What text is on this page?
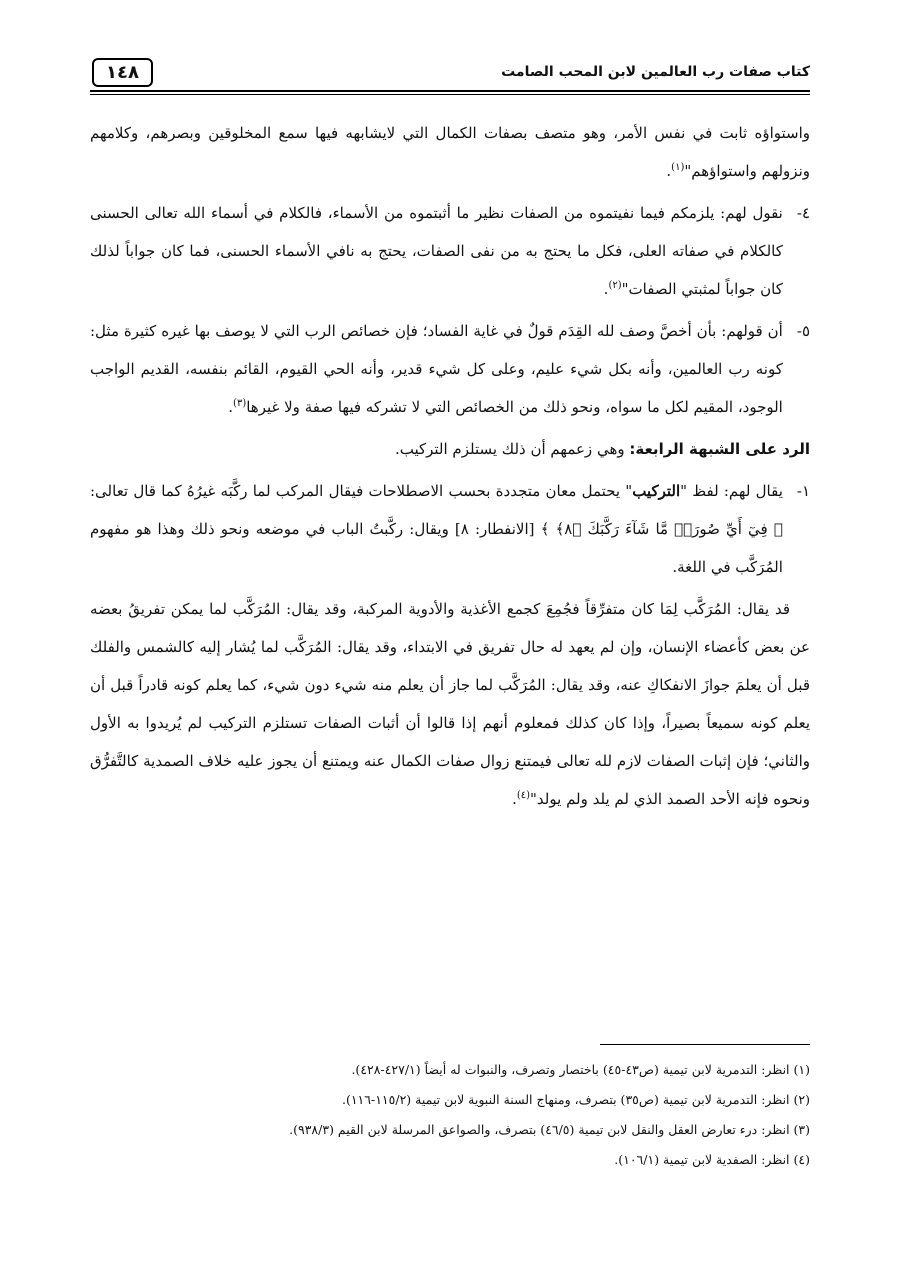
كتاب صفات رب العالمين لابن المحب الصامت
١٤٨

واستواؤه ثابت في نفس الأمر، وهو متصف بصفات الكمال التي لايشابهه فيها سمع المخلوقين وبصرهم، وكلامهم ونزولهم واستواؤهم"$^{(١)}$.

٤-
نقول لهم: يلزمكم فيما نفيتموه من الصفات نظير ما أثبتموه من الأسماء، فالكلام في أسماء الله تعالى الحسنى كالكلام في صفاته العلى، فكل ما يحتج به من نفى الصفات، يحتج به نافي الأسماء الحسنى، فما كان جواباً لذلك كان جواباً لمثبتي الصفات"$^{(٢)}$.

٥-
أن قولهم: بأن أخصَّ وصف لله القِدَم قولٌ في غاية الفساد؛ فإن خصائص الرب التي لا يوصف بها غيره كثيرة مثل: كونه رب العالمين، وأنه بكل شيء عليم، وعلى كل شيء قدير، وأنه الحي القيوم، القائم بنفسه، القديم الواجب الوجود، المقيم لكل ما سواه، ونحو ذلك من الخصائص التي لا تشركه فيها صفة ولا غيرها$^{(٣)}$.

الرد على الشبهة الرابعة: وهي زعمهم أن ذلك يستلزم التركيب.

١-
يقال لهم: لفظ "التركيب" يحتمل معان متجددة بحسب الاصطلاحات فيقال المركب لما ركَّبَه غيرُهُ كما قال تعالى: ﴿ فِيٓ أَيِّ صُورَةٖ مَّا شَآءَ رَكَّبَكَ ﴿٨﴾ ﴾ [الانفطار: ٨] ويقال: ركَّبتُ الباب في موضعه ونحو ذلك وهذا هو مفهوم المُرَكَّب في اللغة.

قد يقال: المُرَكَّب لِمَا كان متفرِّقاً فجُمِعَ كجمع الأغذية والأدوية المركبة، وقد يقال: المُرَكَّب لما يمكن تفريقُ بعضه عن بعض كأعضاء الإنسان، وإن لم يعهد له حال تفريق في الابتداء، وقد يقال: المُرَكَّب لما يُشار إليه كالشمس والفلك قبل أن يعلمَ جوازَ الانفكاكِ عنه، وقد يقال: المُرَكَّب لما جاز أن يعلم منه شيء دون شيء، كما يعلم كونه قادراً قبل أن يعلم كونه سميعاً بصيراً، وإذا كان كذلك فمعلوم أنهم إذا قالوا أن أثبات الصفات تستلزم التركيب لم يُريدوا به الأول والثاني؛ فإن إثبات الصفات لازم لله تعالى فيمتنع زوال صفات الكمال عنه ويمتنع أن يجوز عليه خلاف الصمدية كالتَّفرُّق ونحوه فإنه الأحد الصمد الذي لم يلد ولم يولد"$^{(٤)}$.

(١) انظر: التدمرية لابن تيمية (ص٤٣-٤٥) باختصار وتصرف، والنبوات له أيضاً (٤٢٧/١-٤٢٨).
(٢) انظر: التدمرية لابن تيمية (ص٣٥) بتصرف، ومنهاج السنة النبوية لابن تيمية (١١٥/٢-١١٦).
(٣) انظر: درء تعارض العقل والنقل لابن تيمية (٤٦/٥) بتصرف، والصواعق المرسلة لابن القيم (٩٣٨/٣).
(٤) انظر: الصفدية لابن تيمية (١٠٦/١).
